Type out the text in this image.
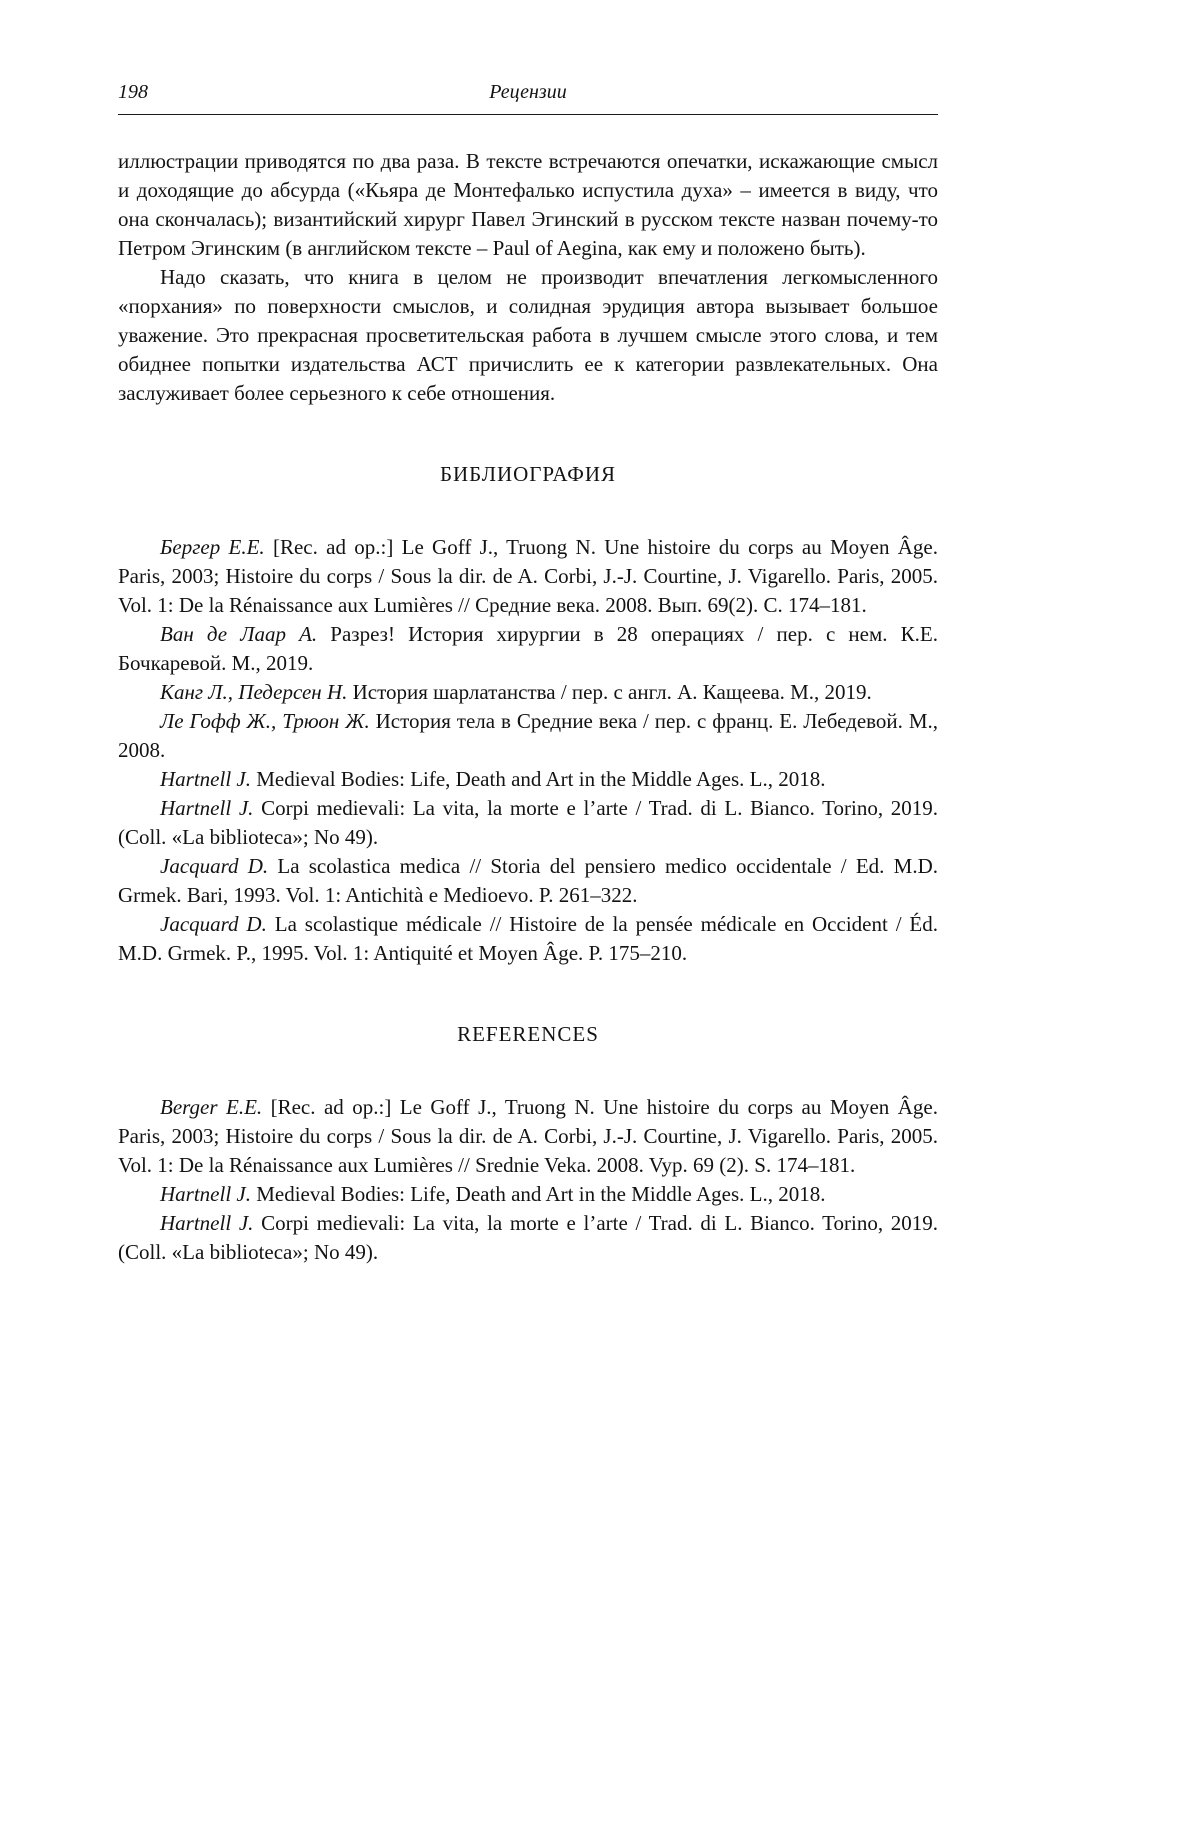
198	Рецензии

иллюстрации приводятся по два раза. В тексте встречаются опечатки, искажающие смысл и доходящие до абсурда («Кьяра де Монтефалько испустила духа» – имеется в виду, что она скончалась); византийский хирург Павел Эгинский в русском тексте назван почему-то Петром Эгинским (в английском тексте – Paul of Aegina, как ему и положено быть).

Надо сказать, что книга в целом не производит впечатления легкомысленного «порхания» по поверхности смыслов, и солидная эрудиция автора вызывает большое уважение. Это прекрасная просветительская работа в лучшем смысле этого слова, и тем обиднее попытки издательства АСТ причислить ее к категории развлекательных. Она заслуживает более серьезного к себе отношения.

БИБЛИОГРАФИЯ

Бергер Е.Е. [Rec. ad op.:] Le Goff J., Truong N. Une histoire du corps au Moyen Âge. Paris, 2003; Histoire du corps / Sous la dir. de A. Corbi, J.-J. Courtine, J. Vigarello. Paris, 2005. Vol. 1: De la Rénaissance aux Lumières // Средние века. 2008. Вып. 69(2). С. 174–181.

Ван де Лаар А. Разрез! История хирургии в 28 операциях / пер. с нем. К.Е. Бочкаревой. М., 2019.

Канг Л., Педерсен Н. История шарлатанства / пер. с англ. А. Кащеева. М., 2019.

Ле Гофф Ж., Трюон Ж. История тела в Средние века / пер. с франц. Е. Лебедевой. М., 2008.

Hartnell J. Medieval Bodies: Life, Death and Art in the Middle Ages. L., 2018.

Hartnell J. Corpi medievali: La vita, la morte e l’arte / Trad. di L. Bianco. Torino, 2019. (Coll. «La biblioteca»; No 49).

Jacquard D. La scolastica medica // Storia del pensiero medico occidentale / Ed. M.D. Grmek. Bari, 1993. Vol. 1: Antichità e Medioevo. P. 261–322.

Jacquard D. La scolastique médicale // Histoire de la pensée médicale en Occident / Éd. M.D. Grmek. P., 1995. Vol. 1: Antiquité et Moyen Âge. P. 175–210.

REFERENCES

Berger E.E. [Rec. ad op.:] Le Goff J., Truong N. Une histoire du corps au Moyen Âge. Paris, 2003; Histoire du corps / Sous la dir. de A. Corbi, J.-J. Courtine, J. Vigarello. Paris, 2005. Vol. 1: De la Rénaissance aux Lumières // Srednie Veka. 2008. Vyp. 69 (2). S. 174–181.

Hartnell J. Medieval Bodies: Life, Death and Art in the Middle Ages. L., 2018.

Hartnell J. Corpi medievali: La vita, la morte e l’arte / Trad. di L. Bianco. Torino, 2019. (Coll. «La biblioteca»; No 49).
